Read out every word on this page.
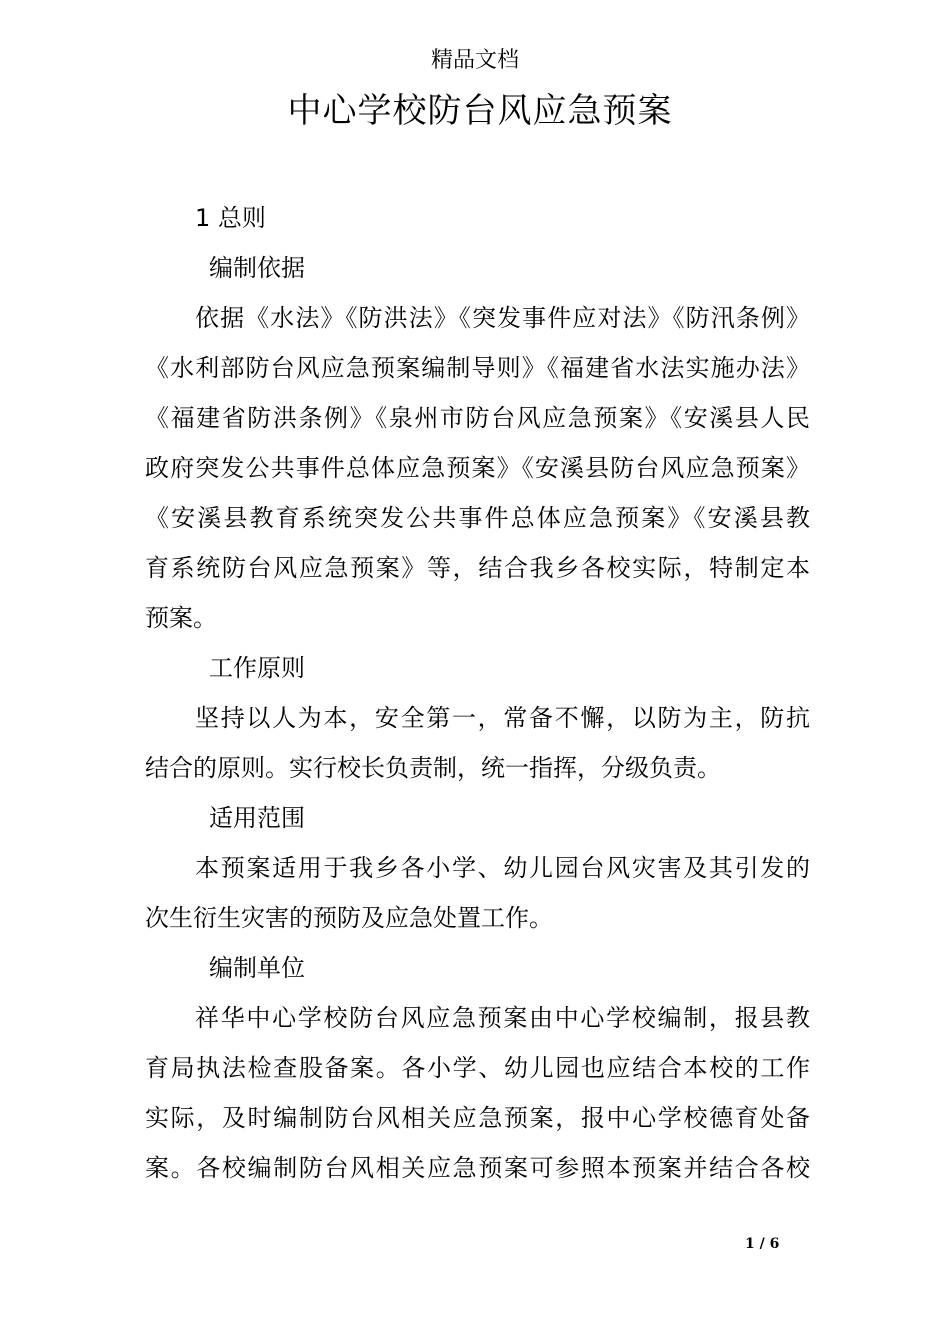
精品文档
中心学校防台风应急预案
1 总则
编制依据
依据《水法》《防洪法》《突发事件应对法》《防汛条例》
《水利部防台风应急预案编制导则》《福建省水法实施办法》
《福建省防洪条例》《泉州市防台风应急预案》《安溪县人民
政府突发公共事件总体应急预案》《安溪县防台风应急预案》
《安溪县教育系统突发公共事件总体应急预案》《安溪县教
育系统防台风应急预案》等，结合我乡各校实际，特制定本
预案。
工作原则
坚持以人为本，安全第一，常备不懈，以防为主，防抗
结合的原则。实行校长负责制，统一指挥，分级负责。
适用范围
本预案适用于我乡各小学、幼儿园台风灾害及其引发的
次生衍生灾害的预防及应急处置工作。
编制单位
祥华中心学校防台风应急预案由中心学校编制，报县教
育局执法检查股备案。各小学、幼儿园也应结合本校的工作
实际，及时编制防台风相关应急预案，报中心学校德育处备
案。各校编制防台风相关应急预案可参照本预案并结合各校
1 / 6
